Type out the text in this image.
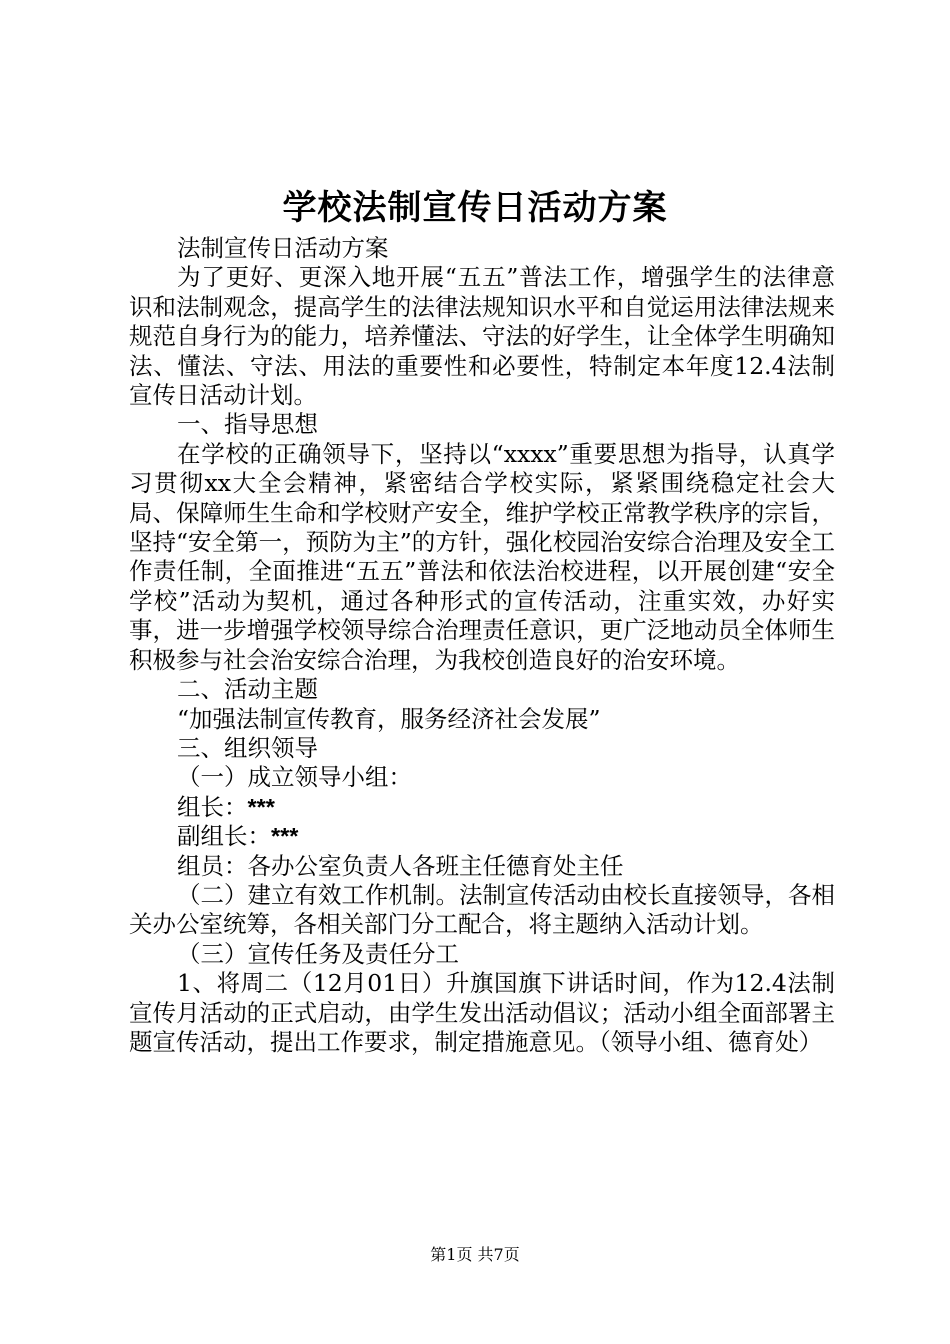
学校法制宣传日活动方案

法制宣传日活动方案

为了更好、更深入地开展“五五”普法工作，增强学生的法律意识和法制观念，提高学生的法律法规知识水平和自觉运用法律法规来规范自身行为的能力，培养懂法、守法的好学生，让全体学生明确知法、懂法、守法、用法的重要性和必要性，特制定本年度12.4法制宣传日活动计划。

一、指导思想

在学校的正确领导下，坚持以“xxxx”重要思想为指导，认真学习贯彻xx大全会精神，紧密结合学校实际，紧紧围绕稳定社会大局、保障师生生命和学校财产安全，维护学校正常教学秩序的宗旨，坚持“安全第一，预防为主”的方针，强化校园治安综合治理及安全工作责任制，全面推进“五五”普法和依法治校进程，以开展创建“安全学校”活动为契机，通过各种形式的宣传活动，注重实效，办好实事，进一步增强学校领导综合治理责任意识，更广泛地动员全体师生积极参与社会治安综合治理，为我校创造良好的治安环境。

二、活动主题

“加强法制宣传教育，服务经济社会发展”

三、组织领导

（一）成立领导小组：

组长：***

副组长：***

组员：各办公室负责人各班主任德育处主任

（二）建立有效工作机制。法制宣传活动由校长直接领导，各相关办公室统筹，各相关部门分工配合，将主题纳入活动计划。

（三）宣传任务及责任分工

1、将周二（12月01日）升旗国旗下讲话时间，作为12.4法制宣传月活动的正式启动，由学生发出活动倡议；活动小组全面部署主题宣传活动，提出工作要求，制定措施意见。（领导小组、德育处）

第1页 共7页
